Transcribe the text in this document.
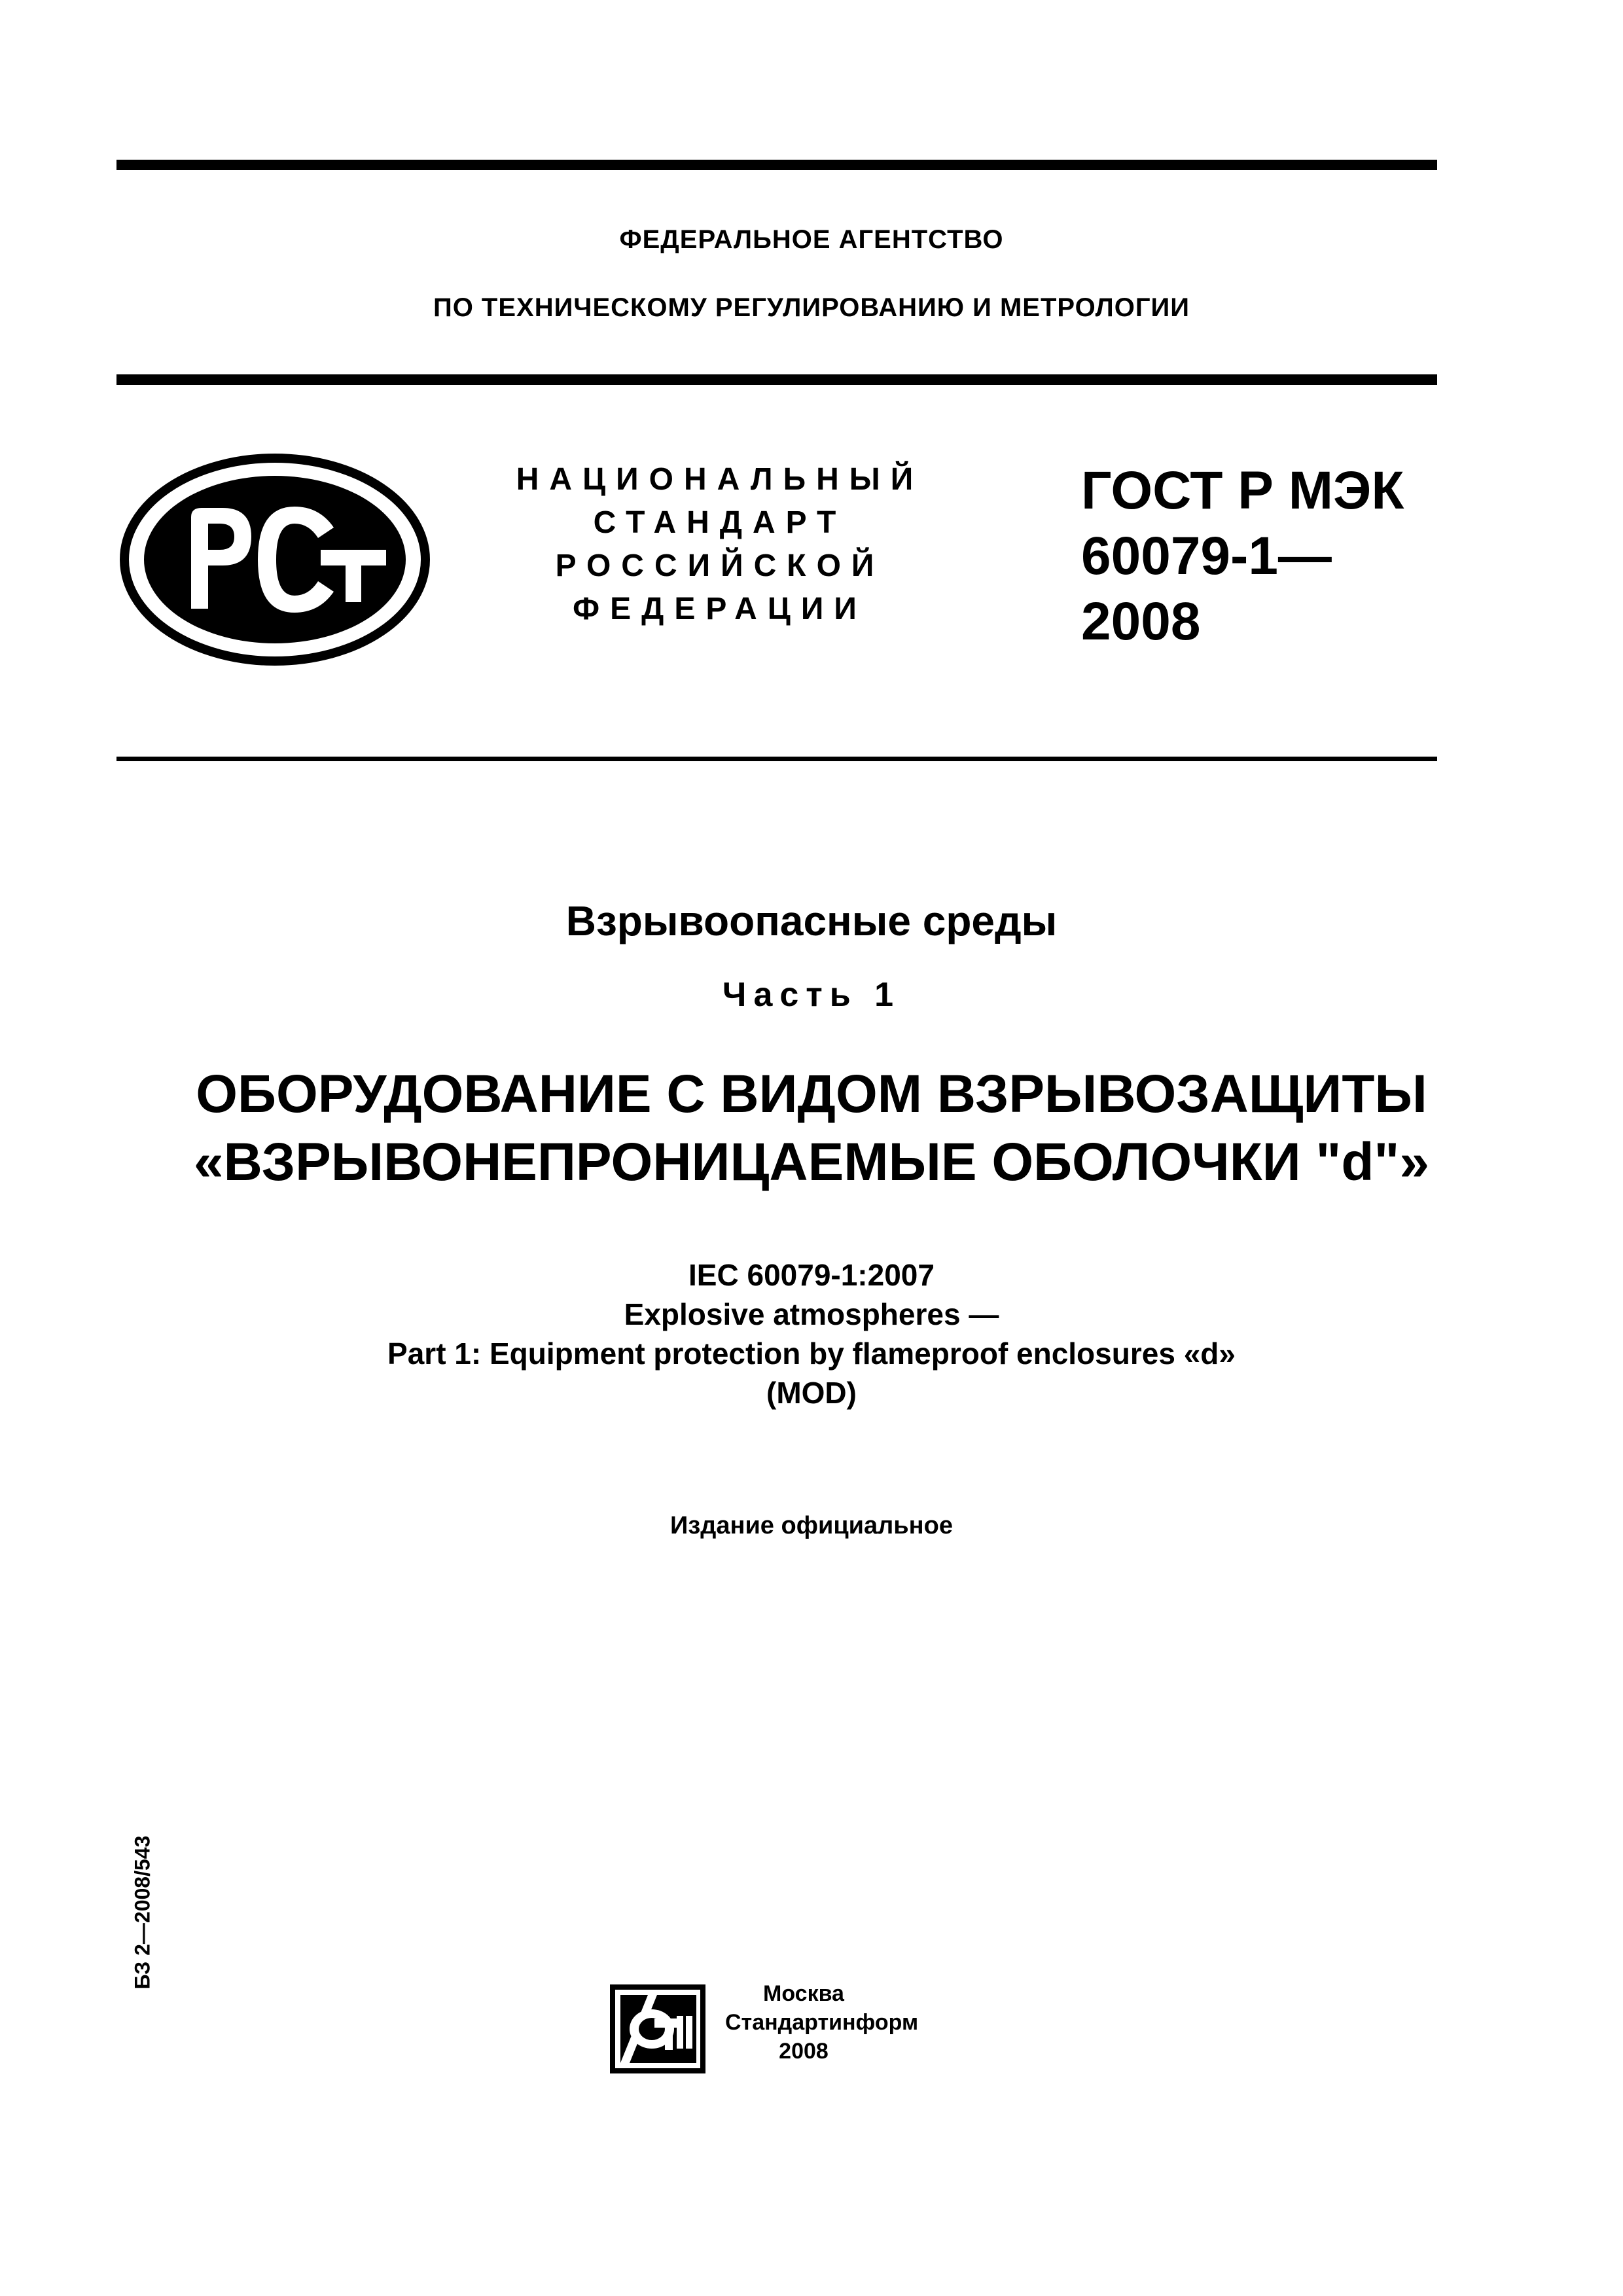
ФЕДЕРАЛЬНОЕ АГЕНТСТВО
ПО ТЕХНИЧЕСКОМУ РЕГУЛИРОВАНИЮ И МЕТРОЛОГИИ
НАЦИОНАЛЬНЫЙ
СТАНДАРТ
РОССИЙСКОЙ
ФЕДЕРАЦИИ
ГОСТ Р МЭК
60079-1—
2008
Взрывоопасные среды
Часть 1
ОБОРУДОВАНИЕ С ВИДОМ ВЗРЫВОЗАЩИТЫ
«ВЗРЫВОНЕПРОНИЦАЕМЫЕ ОБОЛОЧКИ "d"»
IEC 60079-1:2007
Explosive atmospheres —
Part 1: Equipment protection by flameproof enclosures «d»
(MOD)
Издание официальное
БЗ 2—2008/543
Москва
Стандартинформ
2008
